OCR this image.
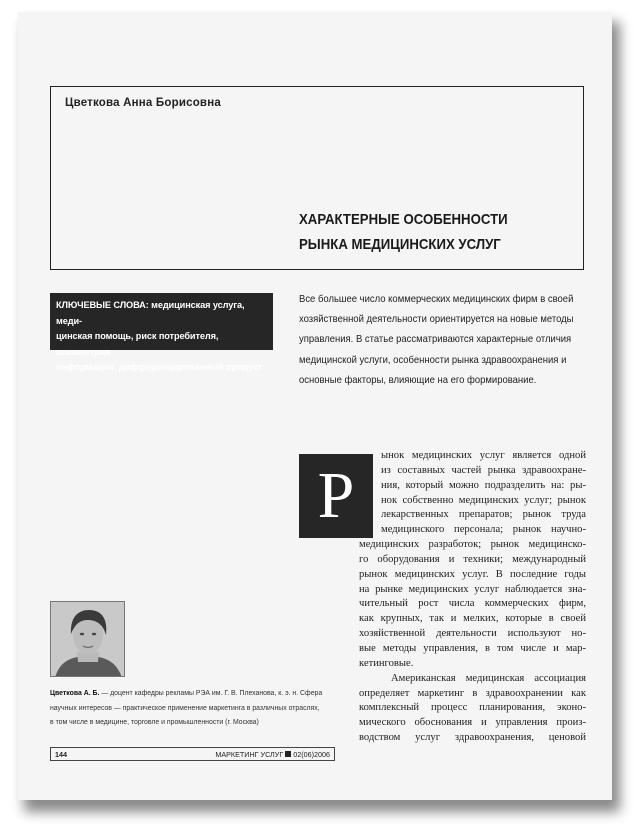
Цветкова Анна Борисовна
ХАРАКТЕРНЫЕ ОСОБЕННОСТИ
РЫНКА МЕДИЦИНСКИХ УСЛУГ
КЛЮЧЕВЫЕ СЛОВА: медицинская услуга, меди-
цинская помощь, риск потребителя, асимметрия
информации, дифференцированный продукт
Все большее число коммерческих медицинских фирм в своей
хозяйственной деятельности ориентируется на новые методы
управления. В статье рассматриваются характерные отличия
медицинской услуги, особенности рынка здравоохранения и
основные факторы, влияющие на его формирование.
Р
ынок медицинских услуг является одной
из составных частей рынка здравоохране-
ния, который можно подразделить на: ры-
нок собственно медицинских услуг; рынок
лекарственных препаратов; рынок труда
медицинского персонала; рынок научно-
медицинских разработок; рынок медицинско-
го оборудования и техники; международный
рынок медицинских услуг. В последние годы
на рынке медицинских услуг наблюдается зна-
чительный рост числа коммерческих фирм,
как крупных, так и мелких, которые в своей
хозяйственной деятельности используют но-
вые методы управления, в том числе и мар-
кетинговые.
Американская медицинская ассоциация
определяет маркетинг в здравоохранении как
комплексный процесс планирования, эконо-
мического обоснования и управления произ-
водством услуг здравоохранения, ценовой
Цветкова А. Б. — доцент кафедры рекламы РЭА им. Г. В. Плеханова, к. э. н. Сфера
научных интересов — практическое применение маркетинга в различных отраслях,
в том числе в медицине, торговле и промышленности (г. Москва)
144	МАРКЕТИНГ УСЛУГ 02(06)2006
